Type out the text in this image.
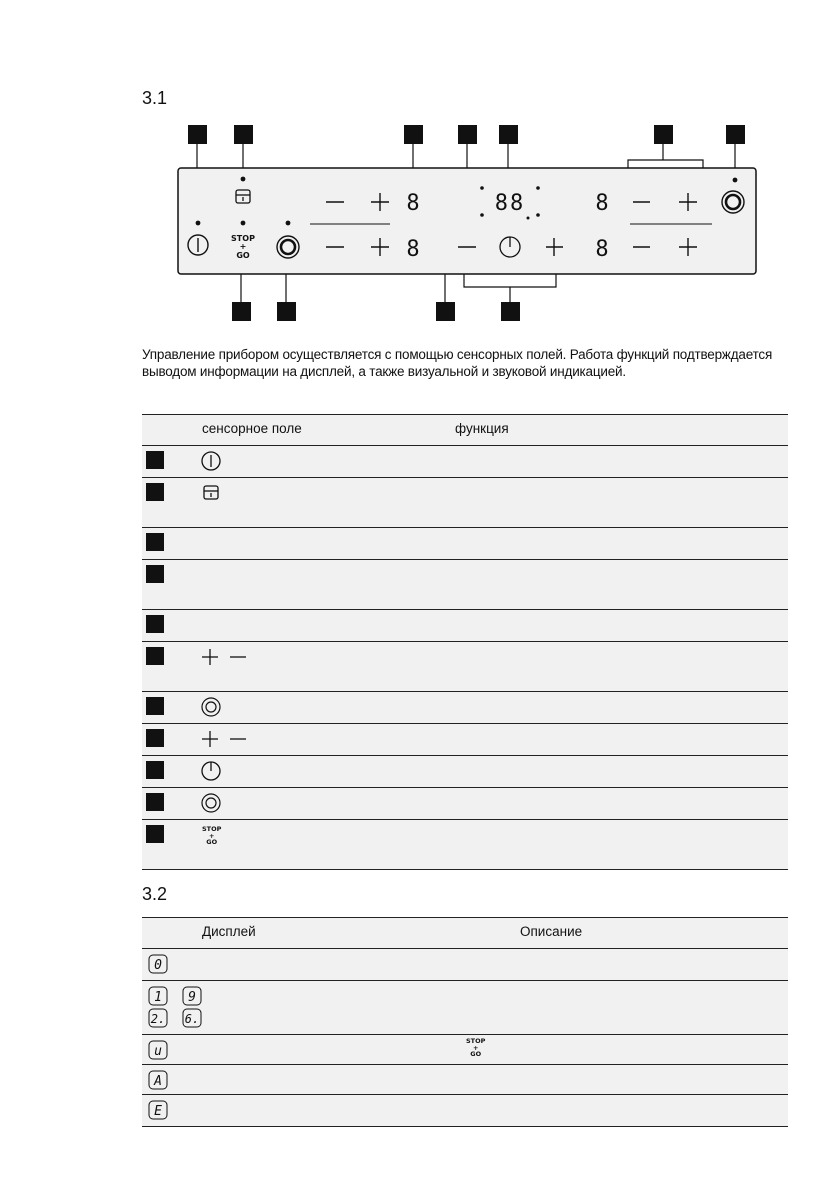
3.1
STOP
+
GO
8
8
8
8
88
Управление прибором осуществляется с помощью сенсорных полей. Работа функций подтверждается выводом информации на дисплей, а также визуальной и звуковой индикацией.
сенсорное поле	функция
STOP
+
GO
3.2
Дисплей	Описание
0
1 9
2. 6.
u
STOP
+
GO
A
E
